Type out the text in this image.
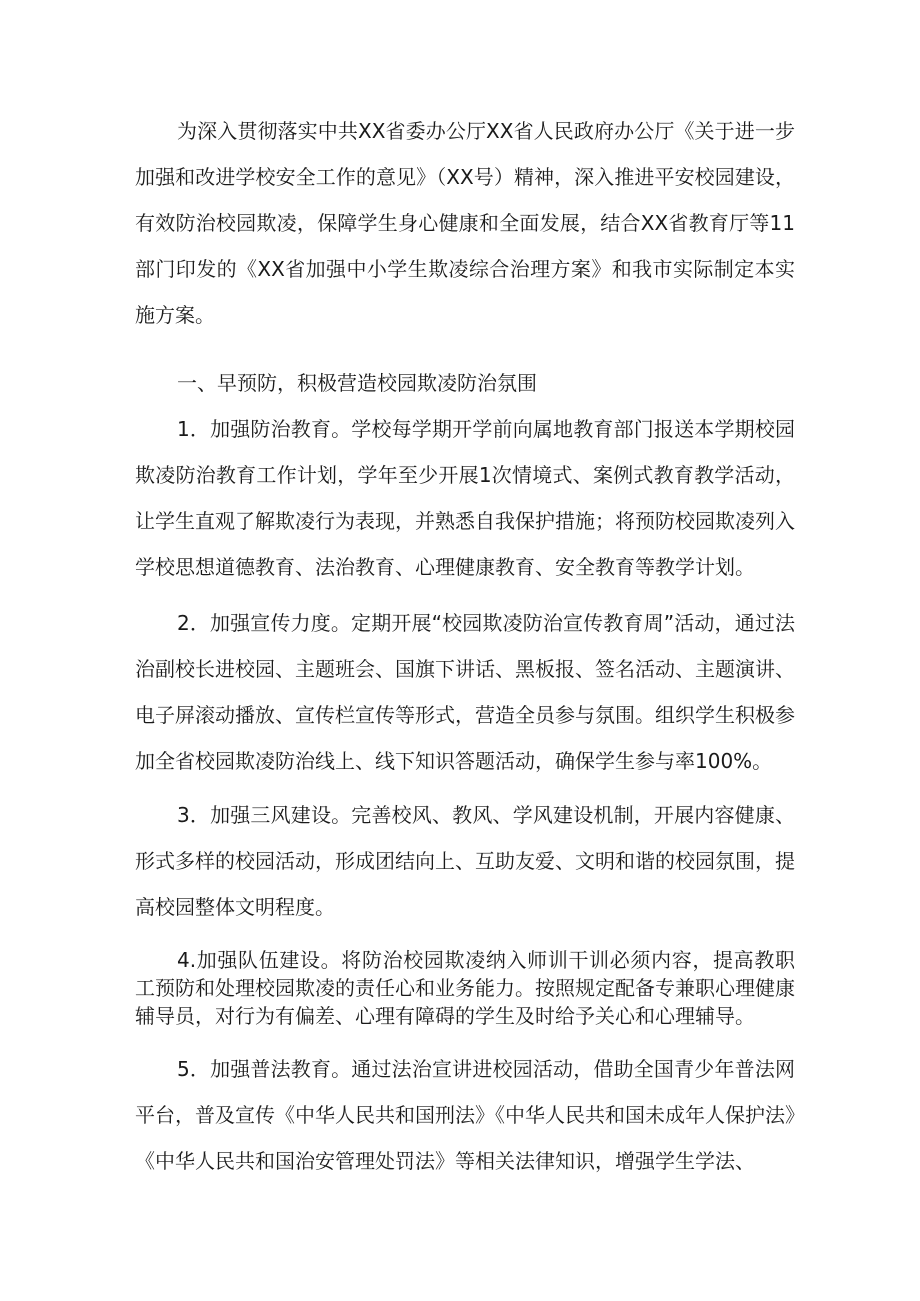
为深入贯彻落实中共XX省委办公厅XX省人民政府办公厅《关于进一步加强和改进学校安全工作的意见》（XX号）精神，深入推进平安校园建设，有效防治校园欺凌，保障学生身心健康和全面发展，结合XX省教育厅等11部门印发的《XX省加强中小学生欺凌综合治理方案》和我市实际制定本实施方案。

一、早预防，积极营造校园欺凌防治氛围

1．加强防治教育。学校每学期开学前向属地教育部门报送本学期校园欺凌防治教育工作计划，学年至少开展1次情境式、案例式教育教学活动，让学生直观了解欺凌行为表现，并熟悉自我保护措施；将预防校园欺凌列入学校思想道德教育、法治教育、心理健康教育、安全教育等教学计划。

2．加强宣传力度。定期开展“校园欺凌防治宣传教育周”活动，通过法治副校长进校园、主题班会、国旗下讲话、黑板报、签名活动、主题演讲、电子屏滚动播放、宣传栏宣传等形式，营造全员参与氛围。组织学生积极参加全省校园欺凌防治线上、线下知识答题活动，确保学生参与率100%。

3．加强三风建设。完善校风、教风、学风建设机制，开展内容健康、形式多样的校园活动，形成团结向上、互助友爱、文明和谐的校园氛围，提高校园整体文明程度。

4.加强队伍建设。将防治校园欺凌纳入师训干训必须内容，提高教职工预防和处理校园欺凌的责任心和业务能力。按照规定配备专兼职心理健康辅导员，对行为有偏差、心理有障碍的学生及时给予关心和心理辅导。

5．加强普法教育。通过法治宣讲进校园活动，借助全国青少年普法网平台，普及宣传《中华人民共和国刑法》《中华人民共和国未成年人保护法》《中华人民共和国治安管理处罚法》等相关法律知识，增强学生学法、
